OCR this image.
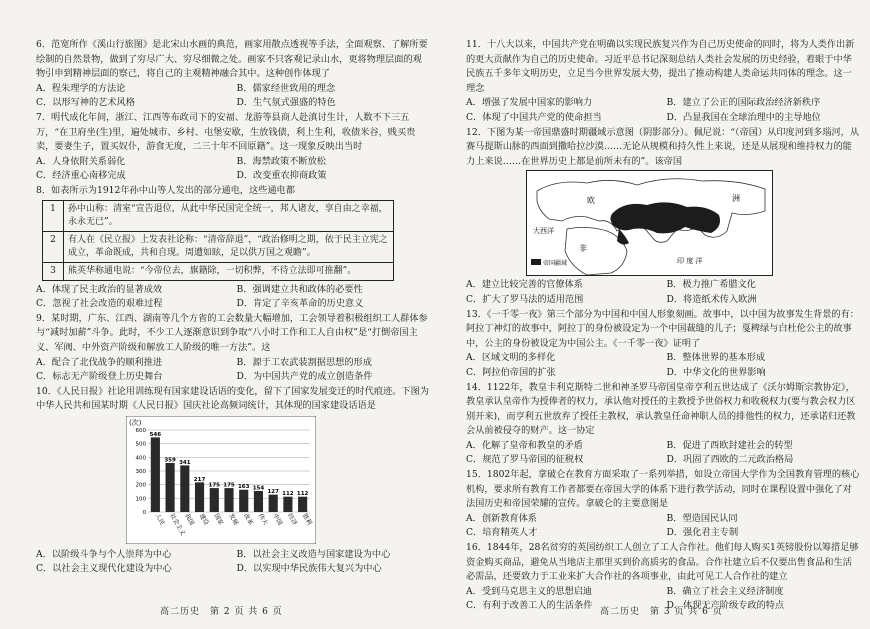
6．范宽所作《溪山行旅图》是北宋山水画的典范，画家用散点透视等手法，全面观察、了解所要绘制的自然景物，做到了穷尽广大、穷尽细微之处。画家不只客观记录山水，更将物理层面的观物引申到精神层面的察己，将自己的主观精神融合其中。这种创作体现了

A．程朱理学的方法论	B．儒家经世致用的理念
C．以形写神的艺术风格	D．生气氛式强盛的特色

7．明代成化年间，浙江、江西等布政司下的安福、龙游等县商人赴滇讨生计，人数不下三五万，“在卫府坐(生)里，遍处城市、乡村、屯堡安歇，生放钱债，利上生利，收债米谷，贱买贵卖，要妻生子，置买奴仆，游食无度，二三十年不回原籍”。这一现象反映出当时

A．人身依附关系弱化	B．海禁政策不断放松
C．经济重心南移完成	D．改变重农抑商政策

8．如表所示为1912年孙中山等人发出的部分通电，这些通电都

1	孙中山称：清室“宣告退位，从此中华民国完全统一，邦人诸友，享自由之幸福，永永无已”。
2	有人在《民立报》上发表社论称：“清帝辞退”，“政治修明之期，依于民主立宪之成立，革命既成，共和自现。周遭如眩，足以供万国之观瞻”。
3	熊英华称通电说：“今帝位去，旗籍除，一切积弊，不待立法即可推翻”。
A．体现了民主政治的显著成效	B．强调建立共和政体的必要性
C．忽视了社会改造的艰难过程	D．肯定了辛亥革命的历史意义

9．某时期，广东、江西、湖南等几个方省的工会数量大幅增加，工会领导着积极组织工人群体参与“减时加薪”斗争。此时，不少工人逐渐意识到争取“八小时工作和工人自由权”是“打倒帝国主义、军阀、中外资产阶级和解放工人阶级的唯一方法”。这

A．配合了北伐战争的顺利推进	B．源于工农武装割据思想的形成
C．标志无产阶级登上历史舞台	D．为中国共产党的成立创造条件

10．《人民日报》社论用训练现有国家建设话语的变化，留下了国家发展变迁的时代痕迹。下图为中华人民共和国某时期《人民日报》国庆社论高频词统计，其体现的国家建设话语是

0
100
200
300
400
500
600
546
人民
359
社会主义
341
我国
217
建设
175
国家
175
发展
163
改革
154
伟大
127
中国
112
经济
112
胜利
(次)
A．以阶级斗争与个人崇拜为中心	B．以社会主义改造与国家建设为中心
C．以社会主义现代化建设为中心	D．以实现中华民族伟大复兴为中心

11．十八大以来，中国共产党在明确以实现民族复兴作为自己历史使命的同时，将为人类作出新的更大贡献作为自己的历史使命。习近平总书记深刻总结人类社会发展的历史经验，着眼于中华民族五千多年文明历史，立足当今世界发展大势，提出了推动构建人类命运共同体的理念。这一理念

A．增强了发展中国家的影响力	B．建立了公正的国际政治经济新秩序
C．体现了中国共产党的使命担当	D．凸显我国在全球治理中的主导地位

12．下图为某一帝国鼎盛时期疆域示意图（阴影部分）。佩尼说：“（帝国）从印度河到多瑙河，从赛马提斯山脉的西面到撒哈拉沙漠……无论从规模和持久性上来说，还是从展现和维持权力的能力上来说……在世界历史上都是前所未有的”。该帝国

欧	洲
非
大西洋
印 度 洋
帝国疆域
A．建立比较完善的官僚体系	B．极力推广希腊文化
C．扩大了罗马法的适用范围	D．将造纸术传入欧洲

13．《一千零一夜》第三个部分为中国和中国人形象刻画。故事中，以中国为故事发生背景的有：阿拉丁神灯的故事中，阿拉丁的身份被设定为一个中国裁缝的儿子；戛稗绿与白杜伦公主的故事中，公主的身份被设定为中国公主。《一千零一夜》证明了

A．区域文明的多样化	B．整体世界的基本形成
C．阿拉伯帝国的扩张	D．中华文化的世界影响

14．1122年，教皇卡利克斯特二世和神圣罗马帝国皇帝亨利五世达成了《沃尔姆斯宗教协定》，教皇承认皇帝作为授俸者的权力，承认他对授任的主教授予世俗权力和收税权力(要与教会权力区别开来)，而亨利五世放弃了授任主教权，承认教皇任命神职人员的排他性的权力，还承诺归还教会从前被侵夺的财产。这一协定

A．化解了皇帝和教皇的矛盾	B．促进了西欧封建社会的转型
C．规范了罗马帝国的征税权	D．巩固了西欧的二元政治格局

15．1802年起，拿破仑在教育方面采取了一系列举措，如设立帝国大学作为全国教育管理的核心机构，要求所有教育工作者都要在帝国大学的体系下进行教学活动，同时在课程设置中强化了对法国历史和帝国荣耀的宣传。拿破仑的主要意图是

A．创新教育体系	B．塑造国民认同
C．培育精英人才	D．强化君主专制

16．1844年，28名贫穷的英国纺织工人创立了工人合作社。他们每人购买1英镑股份以筹措足够资金购买商品，避免从当地店主那里买到价高质劣的食品。合作社建立后不仅要出售食品和生活必需品，还要致力于工业来扩大合作社的各项事业，由此可见工人合作社的建立

A．受到马克思主义的思想启迪	B．确立了社会主义经济制度
C．有利于改善工人的生活条件	D．体现无产阶级专政的特点
高二历史　第 2 页 共 6 页	高二历史　第 3 页 共 6 页
